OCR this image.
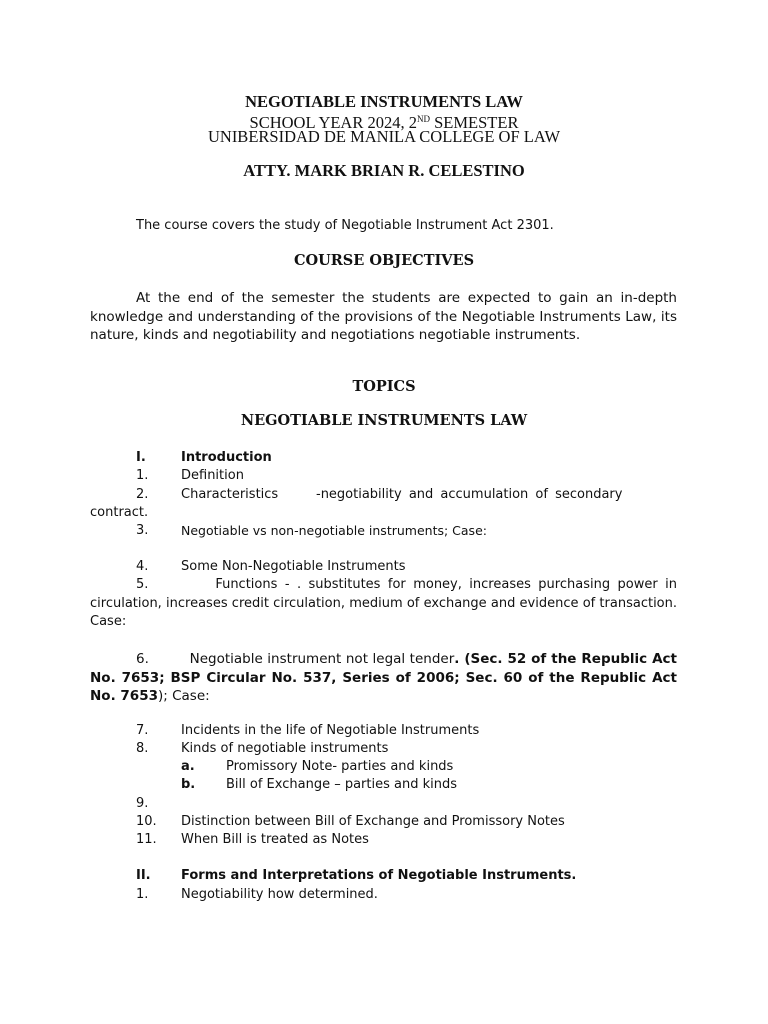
NEGOTIABLE INSTRUMENTS LAW
SCHOOL YEAR 2024, 2ND SEMESTER
UNIBERSIDAD DE MANILA COLLEGE OF LAW
ATTY. MARK BRIAN R. CELESTINO
The course covers the study of Negotiable Instrument Act 2301.
COURSE OBJECTIVES
At the end of the semester the students are expected to gain an in-depth knowledge and understanding of the provisions of the Negotiable Instruments Law, its nature, kinds and negotiability and negotiations negotiable instruments.
TOPICS
NEGOTIABLE INSTRUMENTS LAW
I.	Introduction
1.	Definition
2.	Characteristics	-negotiability and accumulation of secondary
contract.
3.	Negotiable vs non-negotiable instruments; Case:
4.	Some Non-Negotiable Instruments
5.	Functions - . substitutes for money, increases purchasing power in circulation, increases credit circulation, medium of exchange and evidence of transaction. Case:
6.	Negotiable instrument not legal tender. (Sec. 52 of the Republic Act No. 7653; BSP Circular No. 537, Series of 2006; Sec. 60 of the Republic Act No. 7653); Case:
7.	Incidents in the life of Negotiable Instruments
8.	Kinds of negotiable instruments
a. Promissory Note- parties and kinds
b. Bill of Exchange – parties and kinds
9.
10. Distinction between Bill of Exchange and Promissory Notes
11. When Bill is treated as Notes
II. Forms and Interpretations of Negotiable Instruments.
1.	Negotiability how determined.
